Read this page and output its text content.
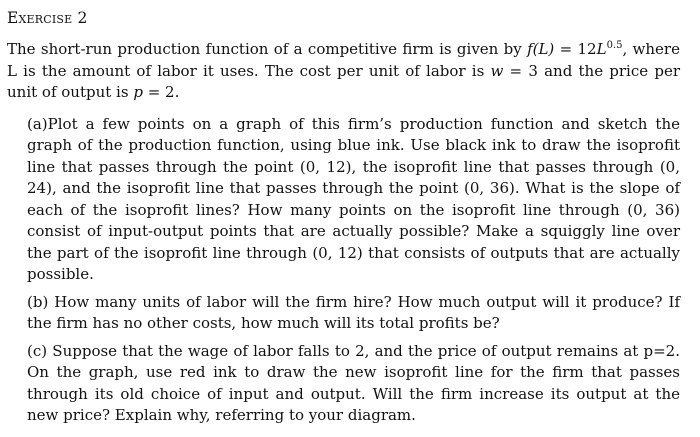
Exercise 2

The short-run production function of a competitive firm is given by $f(L) = 12L^{0.5}$, where L is the amount of labor it uses. The cost per unit of labor is w = 3 and the price per unit of output is p = 2.

(a)Plot a few points on a graph of this firm’s production function and sketch the graph of the production function, using blue ink. Use black ink to draw the isoprofit line that passes through the point (0, 12), the isoprofit line that passes through (0, 24), and the isoprofit line that passes through the point (0, 36). What is the slope of each of the isoprofit lines? How many points on the isoprofit line through (0, 36) consist of input-output points that are actually possible? Make a squiggly line over the part of the isoprofit line through (0, 12) that consists of outputs that are actually possible.

(b) How many units of labor will the firm hire? How much output will it produce? If the firm has no other costs, how much will its total profits be?

(c) Suppose that the wage of labor falls to 2, and the price of output remains at p=2. On the graph, use red ink to draw the new isoprofit line for the firm that passes through its old choice of input and output. Will the firm increase its output at the new price? Explain why, referring to your diagram.
